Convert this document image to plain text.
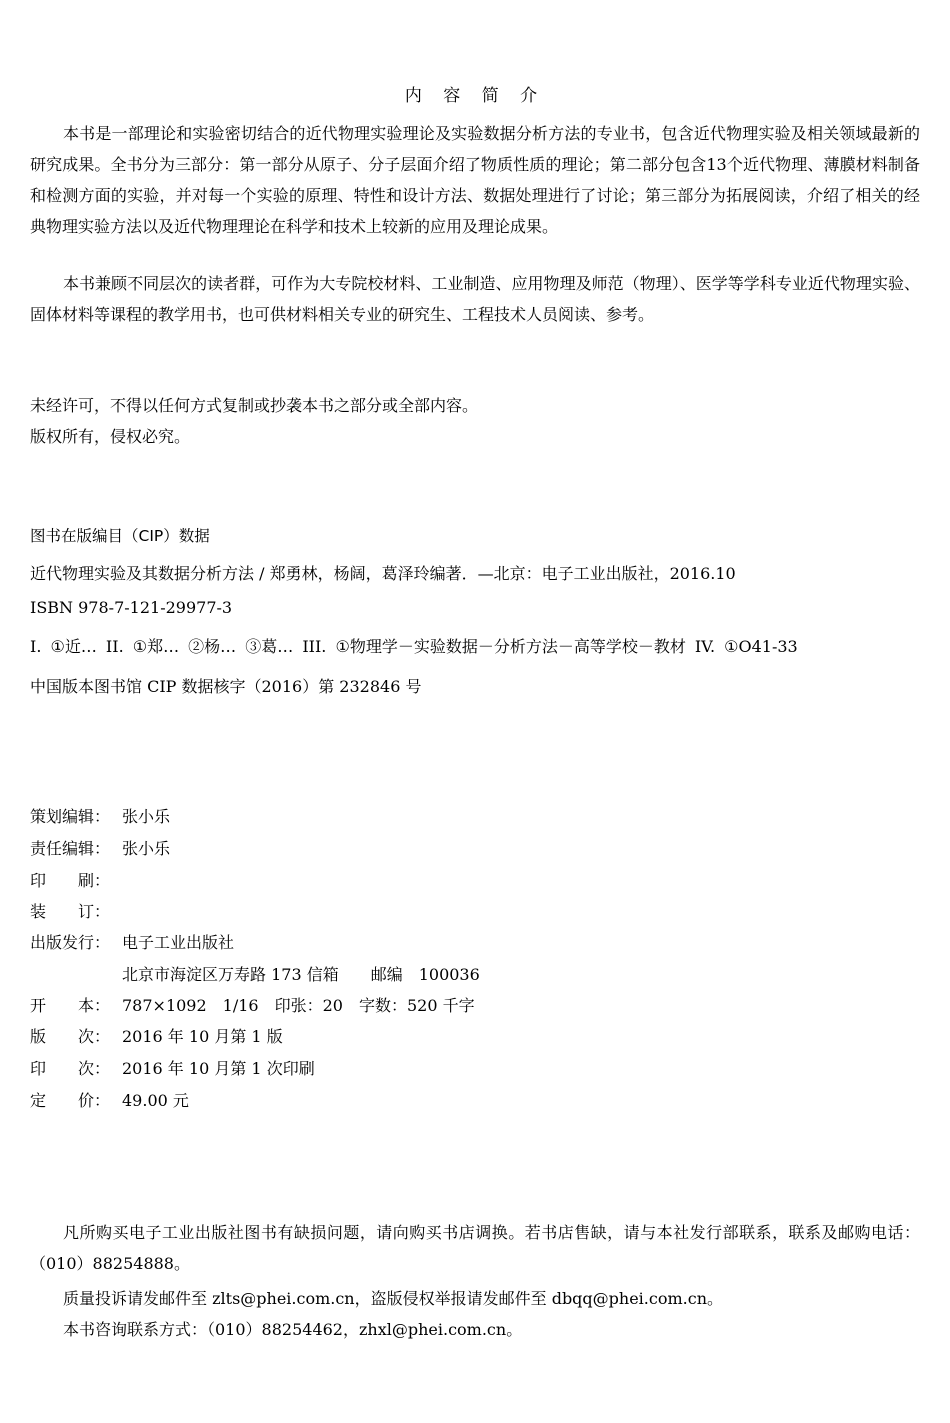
内 容 简 介

本书是一部理论和实验密切结合的近代物理实验理论及实验数据分析方法的专业书，包含近代物理实验及相关领域最新的研究成果。全书分为三部分：第一部分从原子、分子层面介绍了物质性质的理论；第二部分包含13个近代物理、薄膜材料制备和检测方面的实验，并对每一个实验的原理、特性和设计方法、数据处理进行了讨论；第三部分为拓展阅读，介绍了相关的经典物理实验方法以及近代物理理论在科学和技术上较新的应用及理论成果。

本书兼顾不同层次的读者群，可作为大专院校材料、工业制造、应用物理及师范（物理）、医学等学科专业近代物理实验、固体材料等课程的教学用书，也可供材料相关专业的研究生、工程技术人员阅读、参考。

未经许可，不得以任何方式复制或抄袭本书之部分或全部内容。
版权所有，侵权必究。
图书在版编目（CIP）数据
近代物理实验及其数据分析方法 / 郑勇林，杨阔，葛泽玲编著．—北京：电子工业出版社，2016.10
ISBN 978-7-121-29977-3
I. ①近… II. ①郑… ②杨… ③葛… III. ①物理学－实验数据－分析方法－高等学校－教材 IV. ①O41-33
中国版本图书馆 CIP 数据核字（2016）第 232846 号
策划编辑： 张小乐
责任编辑： 张小乐
印 刷：
装 订：
出版发行： 电子工业出版社
北京市海淀区万寿路 173 信箱　　邮编　100036
开 本： 787×1092　1/16　印张：20　字数：520 千字
版 次： 2016 年 10 月第 1 版
印 次： 2016 年 10 月第 1 次印刷
定 价： 49.00 元

凡所购买电子工业出版社图书有缺损问题，请向购买书店调换。若书店售缺，请与本社发行部联系，联系及邮购电话：（010）88254888。

质量投诉请发邮件至 zlts@phei.com.cn，盗版侵权举报请发邮件至 dbqq@phei.com.cn。

本书咨询联系方式：（010）88254462，zhxl@phei.com.cn。
